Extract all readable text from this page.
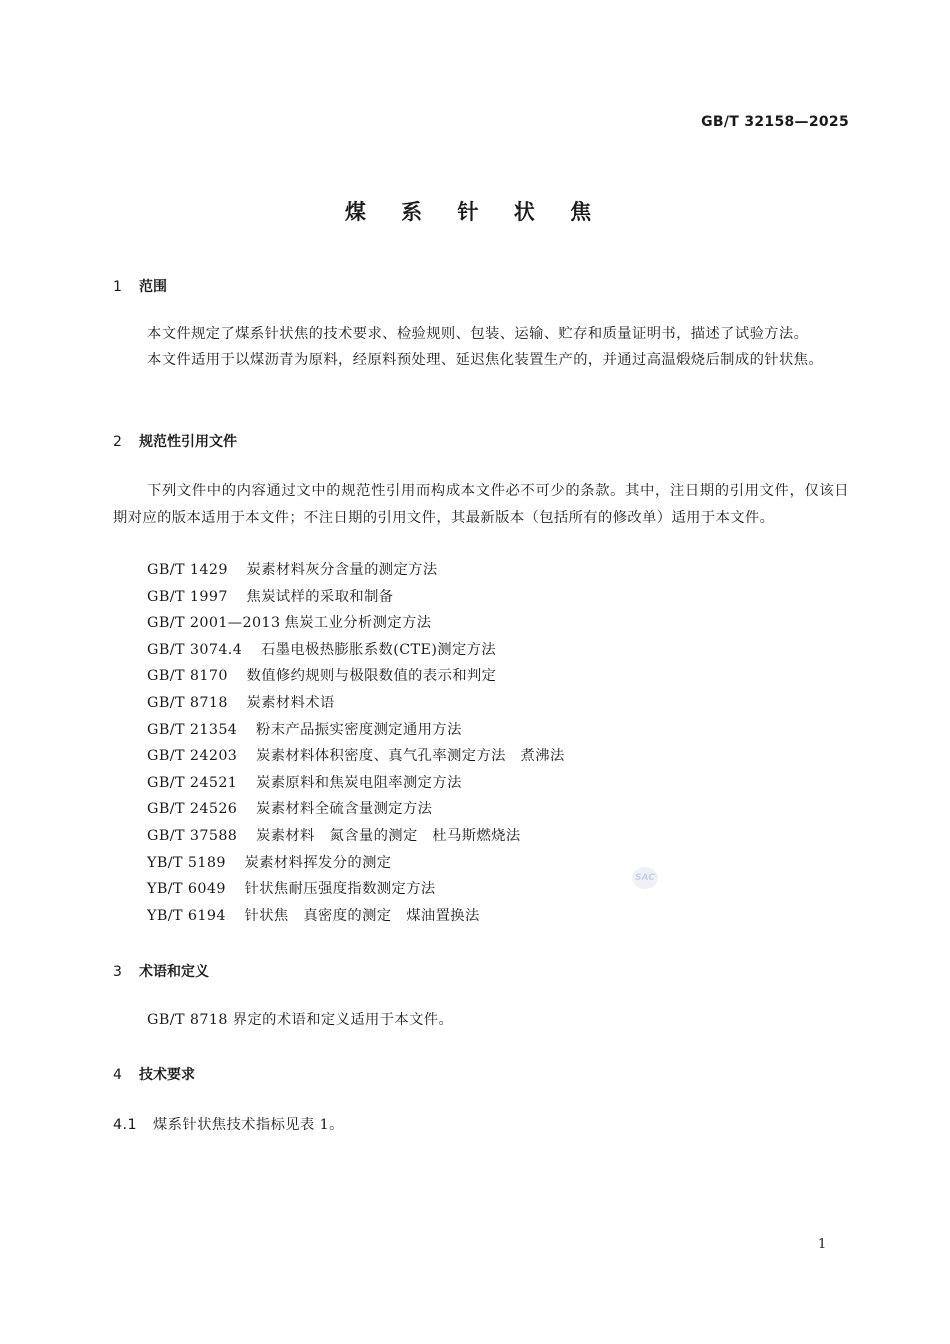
GB/T 32158—2025
煤 系 针 状 焦
1 范围
本文件规定了煤系针状焦的技术要求、检验规则、包装、运输、贮存和质量证明书，描述了试验方法。
本文件适用于以煤沥青为原料，经原料预处理、延迟焦化装置生产的，并通过高温煅烧后制成的针状焦。
2 规范性引用文件
下列文件中的内容通过文中的规范性引用而构成本文件必不可少的条款。其中，注日期的引用文件，仅该日期对应的版本适用于本文件；不注日期的引用文件，其最新版本（包括所有的修改单）适用于本文件。
GB/T 1429　 炭素材料灰分含量的测定方法
GB/T 1997　 焦炭试样的采取和制备
GB/T 2001—2013 焦炭工业分析测定方法
GB/T 3074.4　 石墨电极热膨胀系数(CTE)测定方法
GB/T 8170　 数值修约规则与极限数值的表示和判定
GB/T 8718　 炭素材料术语
GB/T 21354　 粉末产品振实密度测定通用方法
GB/T 24203　 炭素材料体积密度、真气孔率测定方法　煮沸法
GB/T 24521　 炭素原料和焦炭电阻率测定方法
GB/T 24526　 炭素材料全硫含量测定方法
GB/T 37588　 炭素材料　氮含量的测定　杜马斯燃烧法
YB/T 5189　 炭素材料挥发分的测定
YB/T 6049　 针状焦耐压强度指数测定方法
YB/T 6194　 针状焦　真密度的测定　煤油置换法
SAC
3 术语和定义
GB/T 8718 界定的术语和定义适用于本文件。
4 技术要求
4.1 煤系针状焦技术指标见表 1。
1
